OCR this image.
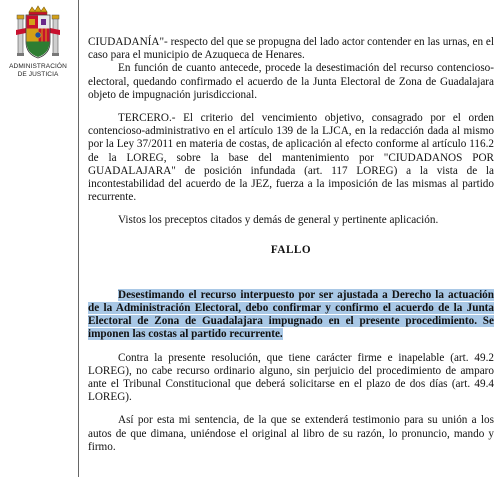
ADMINISTRACIÓN
DE JUSTICIA

CIUDADANÍA"- respecto del que se propugna del lado actor contender en las urnas, en el caso para el municipio de Azuqueca de Henares.

En función de cuanto antecede, procede la desestimación del recurso contencioso-electoral, quedando confirmado el acuerdo de la Junta Electoral de Zona de Guadalajara objeto de impugnación jurisdiccional.

TERCERO.- El criterio del vencimiento objetivo, consagrado por el orden contencioso-administrativo en el artículo 139 de la LJCA, en la redacción dada al mismo por la Ley 37/2011 en materia de costas, de aplicación al efecto conforme al artículo 116.2 de la LOREG, sobre la base del mantenimiento por "CIUDADANOS POR GUADALAJARA" de posición infundada (art. 117 LOREG) a la vista de la incontestabilidad del acuerdo de la JEZ, fuerza a la imposición de las mismas al partido recurrente.

Vistos los preceptos citados y demás de general y pertinente aplicación.

FALLO

Desestimando el recurso interpuesto por ser ajustada a Derecho la actuación de la Administración Electoral, debo confirmar y confirmo el acuerdo de la Junta Electoral de Zona de Guadalajara impugnado en el presente procedimiento. Se imponen las costas al partido recurrente.

Contra la presente resolución, que tiene carácter firme e inapelable (art. 49.2 LOREG), no cabe recurso ordinario alguno, sin perjuicio del procedimiento de amparo ante el Tribunal Constitucional que deberá solicitarse en el plazo de dos días (art. 49.4 LOREG).

Así por esta mi sentencia, de la que se extenderá testimonio para su unión a los autos de que dimana, uniéndose el original al libro de su razón, lo pronuncio, mando y firmo.
